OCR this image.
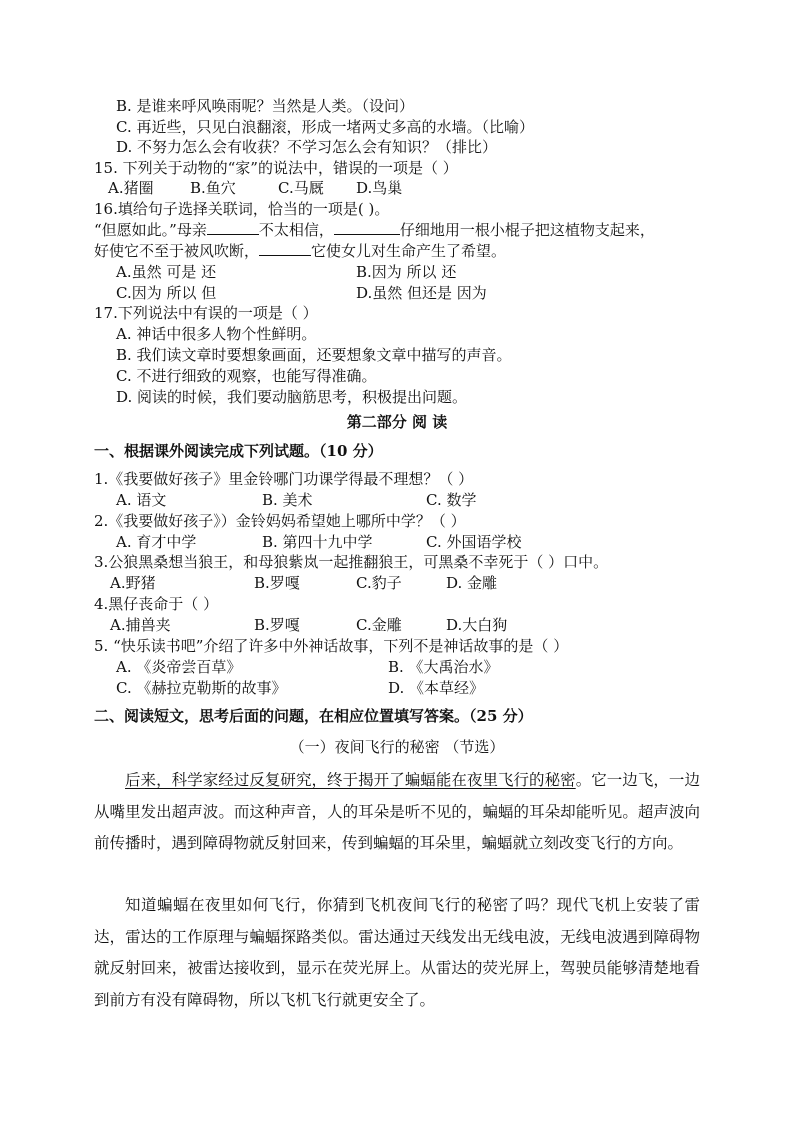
B. 是谁来呼风唤雨呢？当然是人类。（设问）
C. 再近些，只见白浪翻滚，形成一堵两丈多高的水墙。（比喻）
D. 不努力怎么会有收获？不学习怎么会有知识？（排比）
15. 下列关于动物的“家”的说法中，错误的一项是（ ）
A.猪圈 B.鱼穴	C.马厩 D.鸟巢
16.填给句子选择关联词，恰当的一项是( )。
“但愿如此。”母亲	不太相信，	仔细地用一根小棍子把这植物支起来，
好使它不至于被风吹断，	它使女儿对生命产生了希望。
A.虽然 可是 还	B.因为 所以 还
C.因为 所以 但	D.虽然 但还是 因为
17.下列说法中有误的一项是（ ）
A. 神话中很多人物个性鲜明。
B. 我们读文章时要想象画面，还要想象文章中描写的声音。
C. 不进行细致的观察，也能写得准确。
D. 阅读的时候，我们要动脑筋思考，积极提出问题。
第二部分 阅 读
一、根据课外阅读完成下列试题。（10 分）
1.《我要做好孩子》里金铃哪门功课学得最不理想？（ ）
A. 语文	B. 美术	C. 数学
2.《我要做好孩子》）金铃妈妈希望她上哪所中学？（ ）
A. 育才中学	B. 第四十九中学	C. 外国语学校
3.公狼黑桑想当狼王，和母狼紫岚一起推翻狼王，可黑桑不幸死于（ ）口中。
A.野猪	B.罗嘎	C.豹子	D. 金雕
4.黑仔丧命于（ ）
A.捕兽夹	B.罗嘎	C.金雕	D.大白狗
5. “快乐读书吧”介绍了许多中外神话故事，下列不是神话故事的是（ ）
A. 《炎帝尝百草》	B. 《大禹治水》
C. 《赫拉克勒斯的故事》	D. 《本草经》
二、阅读短文，思考后面的问题，在相应位置填写答案。（25 分）
（一）夜间飞行的秘密 （节选）
后来，科学家经过反复研究，终于揭开了蝙蝠能在夜里飞行的秘密。它一边飞，一边从嘴里发出超声波。而这种声音，人的耳朵是听不见的，蝙蝠的耳朵却能听见。超声波向前传播时，遇到障碍物就反射回来，传到蝙蝠的耳朵里，蝙蝠就立刻改变飞行的方向。
知道蝙蝠在夜里如何飞行，你猜到飞机夜间飞行的秘密了吗？现代飞机上安装了雷达，雷达的工作原理与蝙蝠探路类似。雷达通过天线发出无线电波，无线电波遇到障碍物就反射回来，被雷达接收到，显示在荧光屏上。从雷达的荧光屏上，驾驶员能够清楚地看到前方有没有障碍物，所以飞机飞行就更安全了。
